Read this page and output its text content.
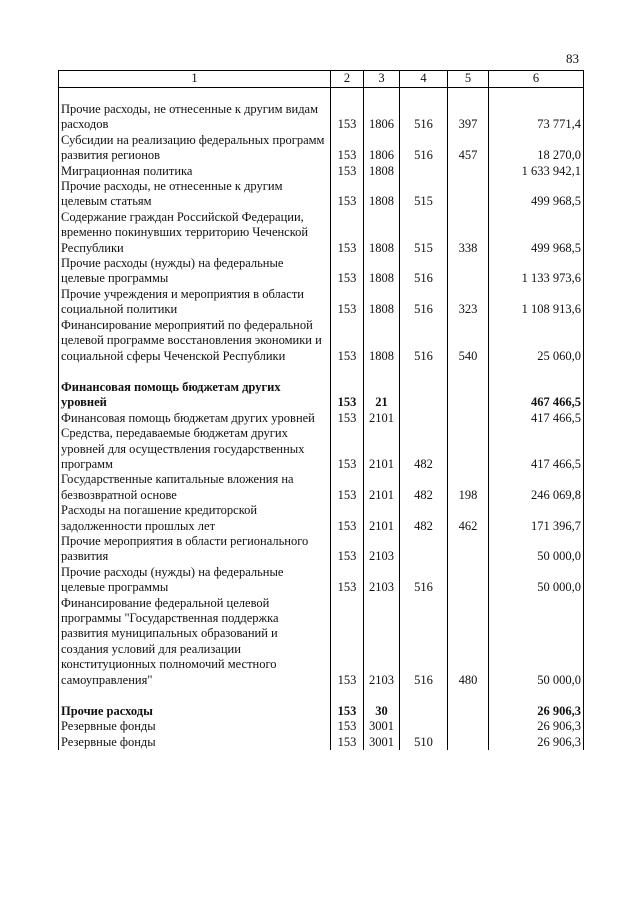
83
1	2	3	4	5	6

Прочие расходы, не отнесенные к другим видам расходов	153	1806	516	397	73 771,4
Субсидии на реализацию федеральных программ развития регионов	153	1806	516	457	18 270,0
Миграционная политика	153	1808			1 633 942,1
Прочие расходы, не отнесенные к другим целевым статьям	153	1808	515		499 968,5
Содержание граждан Российской Федерации, временно покинувших территорию Чеченской Республики	153	1808	515	338	499 968,5
Прочие расходы (нужды) на федеральные целевые программы	153	1808	516		1 133 973,6
Прочие учреждения и мероприятия в области социальной политики	153	1808	516	323	1 108 913,6
Финансирование мероприятий по федеральной целевой программе восстановления экономики и социальной сферы Чеченской Республики	153	1808	516	540	25 060,0

Финансовая помощь бюджетам других уровней	153	21			467 466,5
Финансовая помощь бюджетам других уровней	153	2101			417 466,5
Средства, передаваемые бюджетам других уровней для осуществления государственных программ	153	2101	482		417 466,5
Государственные капитальные вложения на безвозвратной основе	153	2101	482	198	246 069,8
Расходы на погашение кредиторской задолженности прошлых лет	153	2101	482	462	171 396,7
Прочие мероприятия в области регионального развития	153	2103			50 000,0
Прочие расходы (нужды) на федеральные целевые программы	153	2103	516		50 000,0
Финансирование федеральной целевой программы "Государственная поддержка развития муниципальных образований и создания условий для реализации конституционных полномочий местного самоуправления"	153	2103	516	480	50 000,0

Прочие расходы	153	30			26 906,3
Резервные фонды	153	3001			26 906,3
Резервные фонды	153	3001	510		26 906,3
